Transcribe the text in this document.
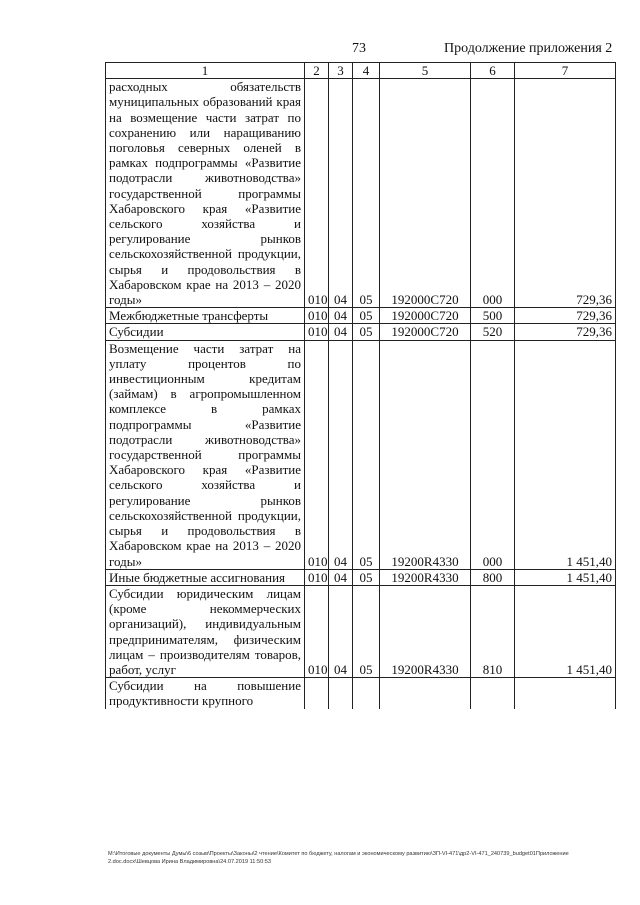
73	Продолжение приложения 2
1	2	3	4	5	6	7
расходных обязательств муниципальных образований края на возмещение части затрат по сохранению или наращиванию поголовья северных оленей в рамках подпрограммы «Развитие подотрасли животноводства» государственной программы Хабаровского края «Развитие сельского хозяйства и регулирование рынков сельскохозяйственной продукции, сырья и продовольствия в Хабаровском крае на 2013 – 2020 годы»	010	04	05	192000C720	000	729,36
Межбюджетные трансферты	010	04	05	192000C720	500	729,36
Субсидии	010	04	05	192000C720	520	729,36
Возмещение части затрат на уплату процентов по инвестиционным кредитам (займам) в агропромышленном комплексе в рамках подпрограммы «Развитие подотрасли животноводства» государственной программы Хабаровского края «Развитие сельского хозяйства и регулирование рынков сельскохозяйственной продукции, сырья и продовольствия в Хабаровском крае на 2013 – 2020 годы»	010	04	05	19200R4330	000	1 451,40
Иные бюджетные ассигнования	010	04	05	19200R4330	800	1 451,40
Субсидии юридическим лицам (кроме некоммерческих организаций), индивидуальным предпринимателям, физическим лицам – производителям товаров, работ, услуг	010	04	05	19200R4330	810	1 451,40
Субсидии на повышение продуктивности крупного						
М:\Итоговые документы Думы\6 созыв\Проекты\Законы\2 чтение\Комитет по бюджету, налогам и экономическому развитию\ЗП-VI-471\др2-VI-471_240739_budget01Приложение 2.doc.docx\Шевцова Ирина Владимировна\24.07.2019 11:50:53
